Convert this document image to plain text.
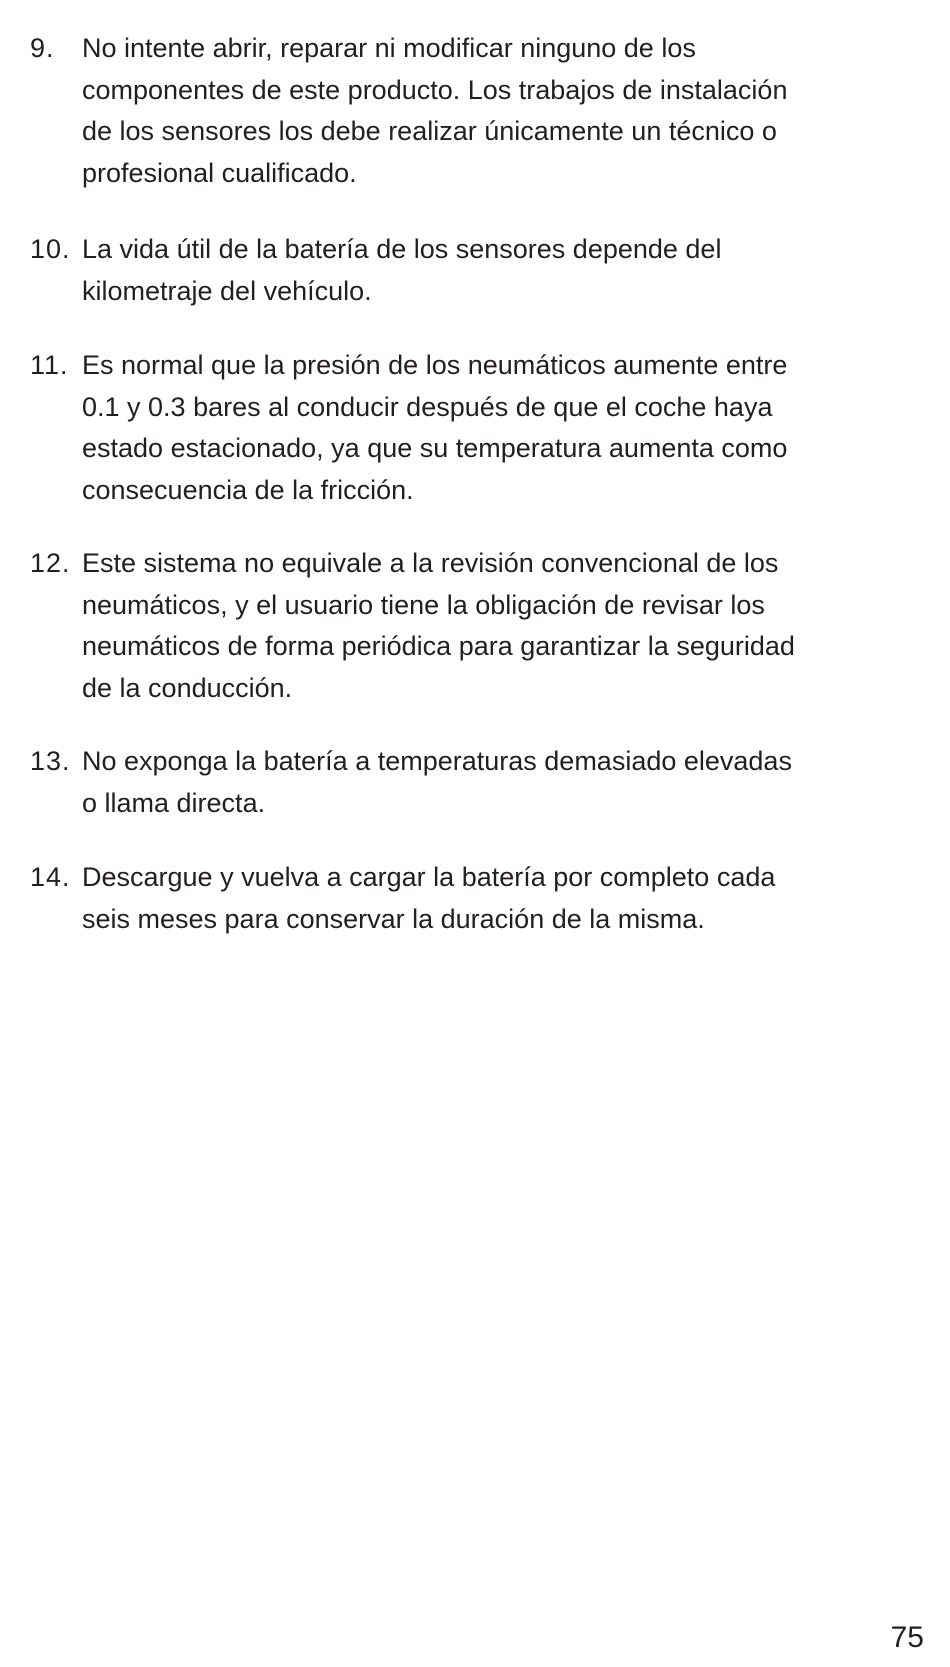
9.	No intente abrir, reparar ni modificar ninguno de los
componentes de este producto. Los trabajos de instalación
de los sensores los debe realizar únicamente un técnico o
profesional cualificado.
10. La vida útil de la batería de los sensores depende del
kilometraje del vehículo.
11. Es normal que la presión de los neumáticos aumente entre
0.1 y 0.3 bares al conducir después de que el coche haya
estado estacionado, ya que su temperatura aumenta como
consecuencia de la fricción.
12. Este sistema no equivale a la revisión convencional de los
neumáticos, y el usuario tiene la obligación de revisar los
neumáticos de forma periódica para garantizar la seguridad
de la conducción.
13. No exponga la batería a temperaturas demasiado elevadas
o llama directa.
14. Descargue y vuelva a cargar la batería por completo cada
seis meses para conservar la duración de la misma.
75
